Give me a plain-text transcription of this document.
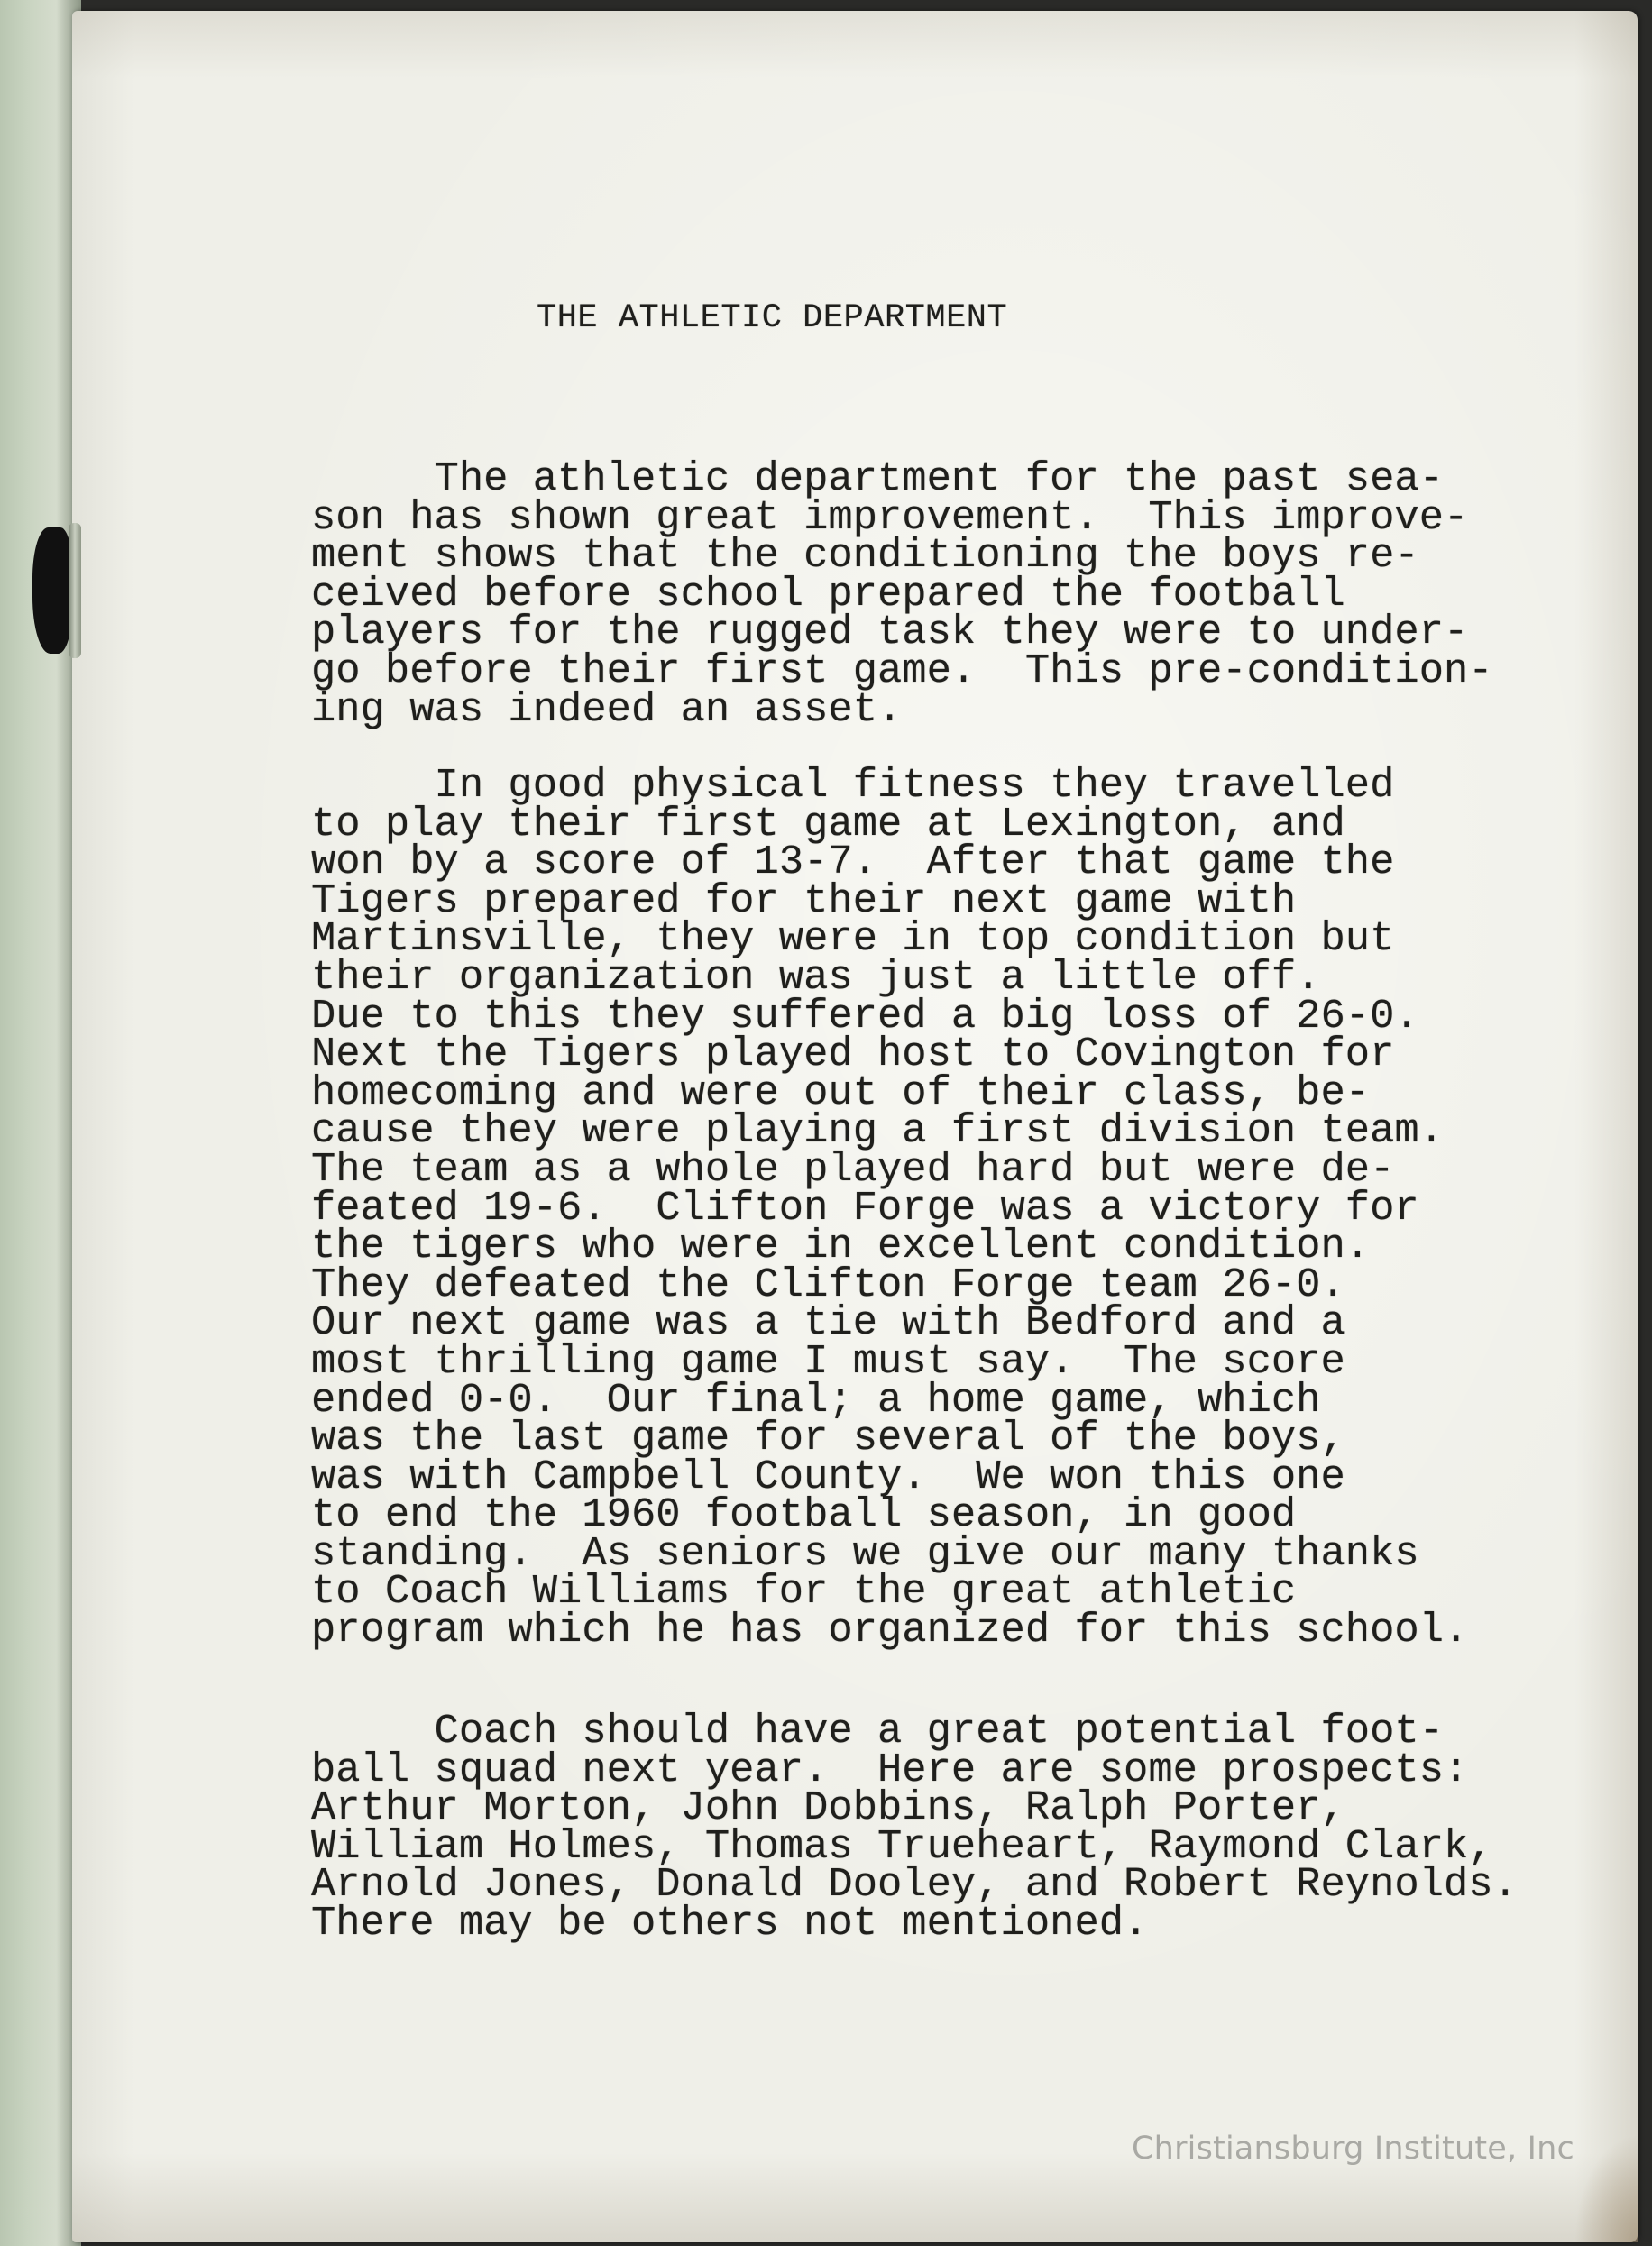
THE ATHLETIC DEPARTMENT
The athletic department for the past sea-
son has shown great improvement.  This improve-
ment shows that the conditioning the boys re-
ceived before school prepared the football
players for the rugged task they were to under-
go before their first game.  This pre-condition-
ing was indeed an asset.
In good physical fitness they travelled
to play their first game at Lexington, and
won by a score of 13-7.  After that game the
Tigers prepared for their next game with
Martinsville, they were in top condition but
their organization was just a little off.
Due to this they suffered a big loss of 26-0.
Next the Tigers played host to Covington for
homecoming and were out of their class, be-
cause they were playing a first division team.
The team as a whole played hard but were de-
feated 19-6.  Clifton Forge was a victory for
the tigers who were in excellent condition.
They defeated the Clifton Forge team 26-0.
Our next game was a tie with Bedford and a
most thrilling game I must say.  The score
ended 0-0.  Our final; a home game, which
was the last game for several of the boys,
was with Campbell County.  We won this one
to end the 1960 football season, in good
standing.  As seniors we give our many thanks
to Coach Williams for the great athletic
program which he has organized for this school.
Coach should have a great potential foot-
ball squad next year.  Here are some prospects:
Arthur Morton, John Dobbins, Ralph Porter,
William Holmes, Thomas Trueheart, Raymond Clark,
Arnold Jones, Donald Dooley, and Robert Reynolds.
There may be others not mentioned.
Christiansburg Institute, Inc
